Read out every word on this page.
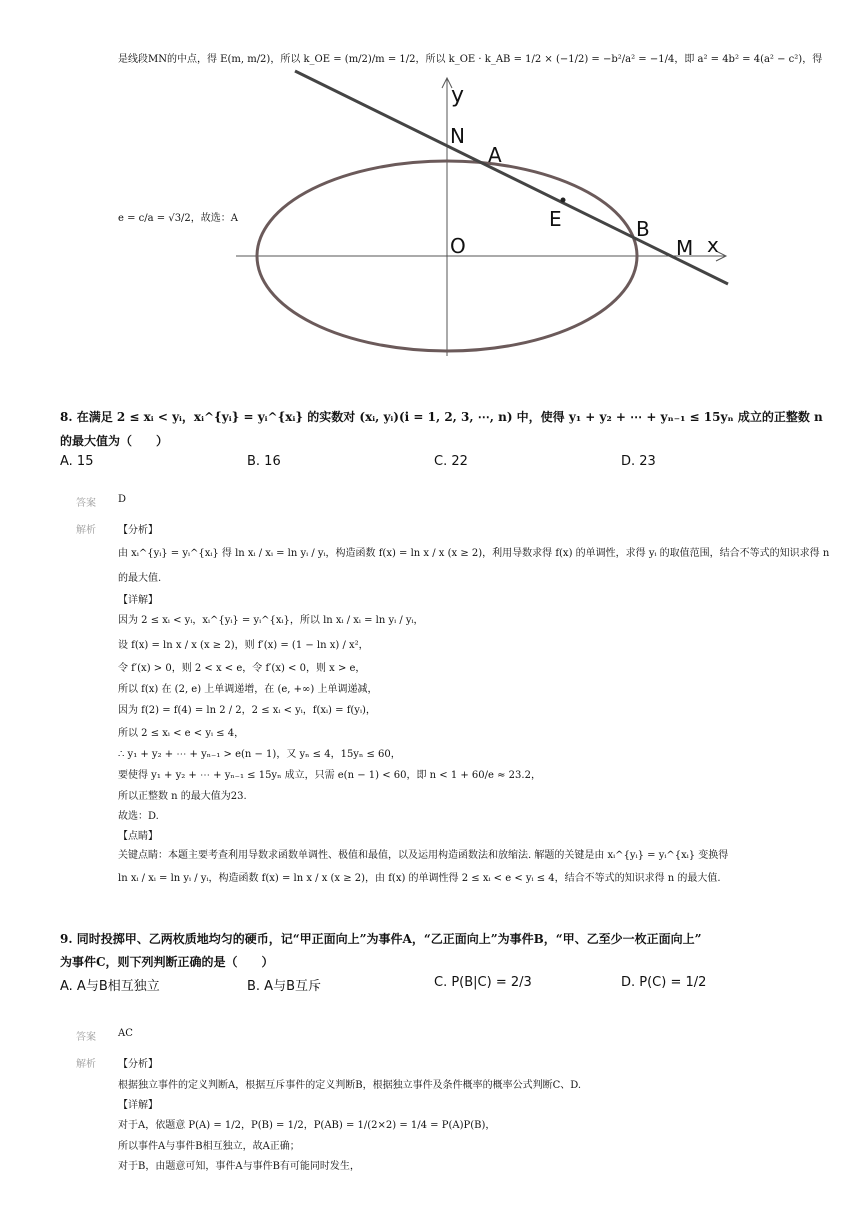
是线段MN的中点，得 E(m, m/2)，所以 k_OE = (m/2)/m = 1/2，所以 k_OE · k_AB = 1/2 × (−1/2) = −b²/a² = −1/4，即 a² = 4b² = 4(a² − c²)，得
y
N
A
E	B
M x
O
e = c/a = √3/2，故选：A
8. 在满足 2 ≤ xᵢ < yᵢ，xᵢ^{yᵢ} = yᵢ^{xᵢ} 的实数对 (xᵢ, yᵢ)(i = 1, 2, 3, ⋯, n) 中，使得 y₁ + y₂ + ⋯ + yₙ₋₁ ≤ 15yₙ 成立的正整数 n
的最大值为（　　）
A. 15	B. 16	C. 22	D. 23
答案 D
解析 【分析】
由 xᵢ^{yᵢ} = yᵢ^{xᵢ} 得 ln xᵢ / xᵢ = ln yᵢ / yᵢ，构造函数 f(x) = ln x / x (x ≥ 2)，利用导数求得 f(x) 的单调性，求得 yᵢ 的取值范围，结合不等式的知识求得 n
的最大值.
【详解】
因为 2 ≤ xᵢ < yᵢ，xᵢ^{yᵢ} = yᵢ^{xᵢ}，所以 ln xᵢ / xᵢ = ln yᵢ / yᵢ，
设 f(x) = ln x / x (x ≥ 2)，则 f′(x) = (1 − ln x) / x²，
令 f′(x) > 0，则 2 < x < e，令 f′(x) < 0，则 x > e，
所以 f(x) 在 (2, e) 上单调递增，在 (e, +∞) 上单调递减，
因为 f(2) = f(4) = ln 2 / 2，2 ≤ xᵢ < yᵢ，f(xᵢ) = f(yᵢ)，
所以 2 ≤ xᵢ < e < yᵢ ≤ 4，
∴ y₁ + y₂ + ⋯ + yₙ₋₁ > e(n − 1)，又 yₙ ≤ 4，15yₙ ≤ 60，
要使得 y₁ + y₂ + ⋯ + yₙ₋₁ ≤ 15yₙ 成立，只需 e(n − 1) < 60，即 n < 1 + 60/e ≈ 23.2，
所以正整数 n 的最大值为23.
故选：D.
【点睛】
关键点睛：本题主要考查利用导数求函数单调性、极值和最值，以及运用构造函数法和放缩法. 解题的关键是由 xᵢ^{yᵢ} = yᵢ^{xᵢ} 变换得
ln xᵢ / xᵢ = ln yᵢ / yᵢ，构造函数 f(x) = ln x / x (x ≥ 2)，由 f(x) 的单调性得 2 ≤ xᵢ < e < yᵢ ≤ 4，结合不等式的知识求得 n 的最大值.
9. 同时投掷甲、乙两枚质地均匀的硬币，记“甲正面向上”为事件A，“乙正面向上”为事件B，“甲、乙至少一枚正面向上”
为事件C，则下列判断正确的是（　　）
A. A与B相互独立	B. A与B互斥	C. P(B|C) = 2/3	D. P(C) = 1/2
答案 AC
解析 【分析】
根据独立事件的定义判断A，根据互斥事件的定义判断B，根据独立事件及条件概率的概率公式判断C、D.
【详解】
对于A，依题意 P(A) = 1/2，P(B) = 1/2，P(AB) = 1/(2×2) = 1/4 = P(A)P(B)，
所以事件A与事件B相互独立，故A正确；
对于B，由题意可知，事件A与事件B有可能同时发生，
